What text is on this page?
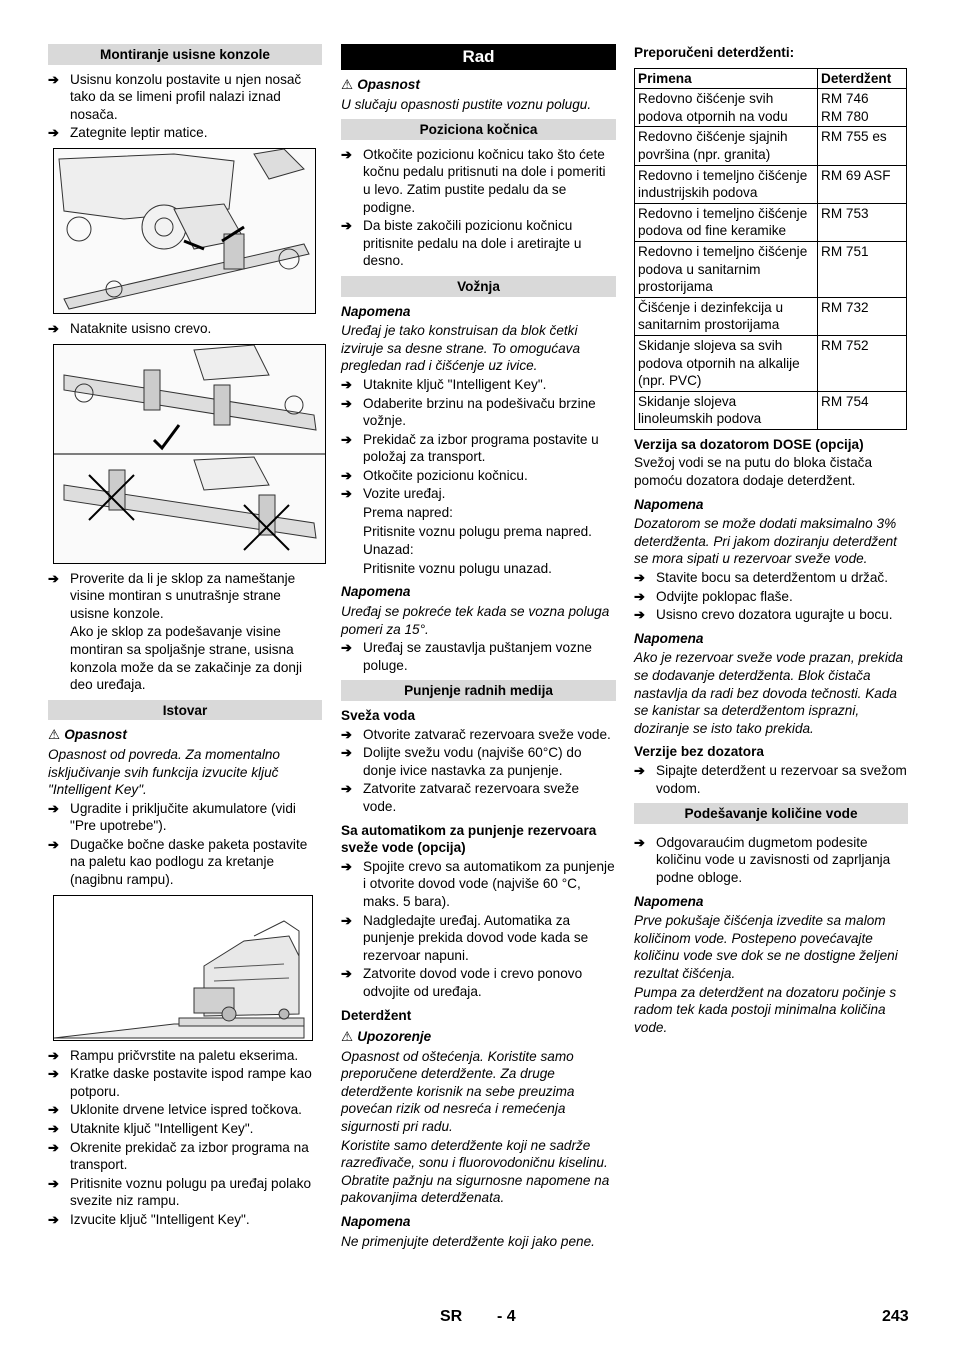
Montiranje usisne konzole
➔ Usisnu konzolu postavite u njen nosač tako da se limeni profil nalazi iznad nosača.
➔ Zategnite leptir matice.
➔ Nataknite usisno crevo.
➔ Proverite da li je sklop za nameštanje visine montiran s unutrašnje strane usisne konzole.
Ako je sklop za podešavanje visine montiran sa spoljašnje strane, usisna konzola može da se zakačinje za donji deo uređaja.
Istovar
⚠ Opasnost
Opasnost od povreda. Za momentalno isključivanje svih funkcija izvucite ključ "Intelligent Key".
➔ Ugradite i priključite akumulatore (vidi "Pre upotrebe").
➔ Dugačke bočne daske paketa postavite na paletu kao podlogu za kretanje (nagibnu rampu).
➔ Rampu pričvrstite na paletu ekserima.
➔ Kratke daske postavite ispod rampe kao potporu.
➔ Uklonite drvene letvice ispred točkova.
➔ Utaknite ključ "Intelligent Key".
➔ Okrenite prekidač za izbor programa na transport.
➔ Pritisnite voznu polugu pa uređaj polako svezite niz rampu.
➔ Izvucite ključ "Intelligent Key".
Rad
⚠ Opasnost
U slučaju opasnosti pustite voznu polugu.
Poziciona kočnica
➔ Otkočite pozicionu kočnicu tako što ćete kočnu pedalu pritisnuti na dole i pomeriti u levo. Zatim pustite pedalu da se podigne.
➔ Da biste zakočili pozicionu kočnicu pritisnite pedalu na dole i aretirajte u desno.
Vožnja
Napomena
Uređaj je tako konstruisan da blok četki izviruje sa desne strane. To omogućava pregledan rad i čišćenje uz ivice.
➔ Utaknite ključ "Intelligent Key".
➔ Odaberite brzinu na podešivaču brzine vožnje.
➔ Prekidač za izbor programa postavite u položaj za transport.
➔ Otkočite pozicionu kočnicu.
➔ Vozite uređaj.
Prema napred:
Pritisnite voznu polugu prema napred.
Unazad:
Pritisnite voznu polugu unazad.
Napomena
Uređaj se pokreće tek kada se vozna poluga pomeri za 15°.
➔ Uređaj se zaustavlja puštanjem vozne poluge.
Punjenje radnih medija
Sveža voda
➔ Otvorite zatvarač rezervoara sveže vode.
➔ Dolijte svežu vodu (najviše 60°C) do donje ivice nastavka za punjenje.
➔ Zatvorite zatvarač rezervoara sveže vode.
Sa automatikom za punjenje rezervoara sveže vode (opcija)
➔ Spojite crevo sa automatikom za punjenje i otvorite dovod vode (najviše 60 °C, maks. 5 bara).
➔ Nadgledajte uređaj. Automatika za punjenje prekida dovod vode kada se rezervoar napuni.
➔ Zatvorite dovod vode i crevo ponovo odvojite od uređaja.
Deterdžent
⚠ Upozorenje
Opasnost od oštećenja. Koristite samo preporučene deterdžente. Za druge deterdžente korisnik na sebe preuzima povećan rizik od nesreća i remećenja sigurnosti pri radu.
Koristite samo deterdžente koji ne sadrže razređivače, sonu i fluorovodoničnu kiselinu. Obratite pažnju na sigurnosne napomene na pakovanjima deterdženata.
Napomena
Ne primenjujte deterdžente koji jako pene.
Preporučeni deterdženti:
Primena	Deterdžent
Redovno čišćenje svih podova otpornih na vodu	RM 746
RM 780
Redovno čišćenje sjajnih površina (npr. granita)	RM 755 es
Redovno i temeljno čišćenje industrijskih podova	RM 69 ASF
Redovno i temeljno čišćenje podova od fine keramike	RM 753
Redovno i temeljno čišćenje podova u sanitarnim prostorijama	RM 751
Čišćenje i dezinfekcija u sanitarnim prostorijama	RM 732
Skidanje slojeva sa svih podova otpornih na alkalije (npr. PVC)	RM 752
Skidanje slojeva linoleumskih podova	RM 754
Verzija sa dozatorom DOSE (opcija)
Svežoj vodi se na putu do bloka čistača pomoću dozatora dodaje deterdžent.
Napomena
Dozatorom se može dodati maksimalno 3% deterdženta. Pri jakom doziranju deterdžent se mora sipati u rezervoar sveže vode.
➔ Stavite bocu sa deterdžentom u držač.
➔ Odvijte poklopac flaše.
➔ Usisno crevo dozatora ugurajte u bocu.
Napomena
Ako je rezervoar sveže vode prazan, prekida se dodavanje deterdženta. Blok čistača nastavlja da radi bez dovoda tečnosti. Kada se kanistar sa deterdžentom isprazni, doziranje se isto tako prekida.
Verzije bez dozatora
➔ Sipajte deterdžent u rezervoar sa svežom vodom.
Podešavanje količine vode
➔ Odgovaraućim dugmetom podesite količinu vode u zavisnosti od zaprljanja podne obloge.
Napomena
Prve pokušaje čišćenja izvedite sa malom količinom vode. Postepeno povećavajte količinu vode sve dok se ne dostigne željeni rezultat čišćenja.
Pumpa za deterdžent na dozatoru počinje s radom tek kada postoji minimalna količina vode.
SR - 4	243
